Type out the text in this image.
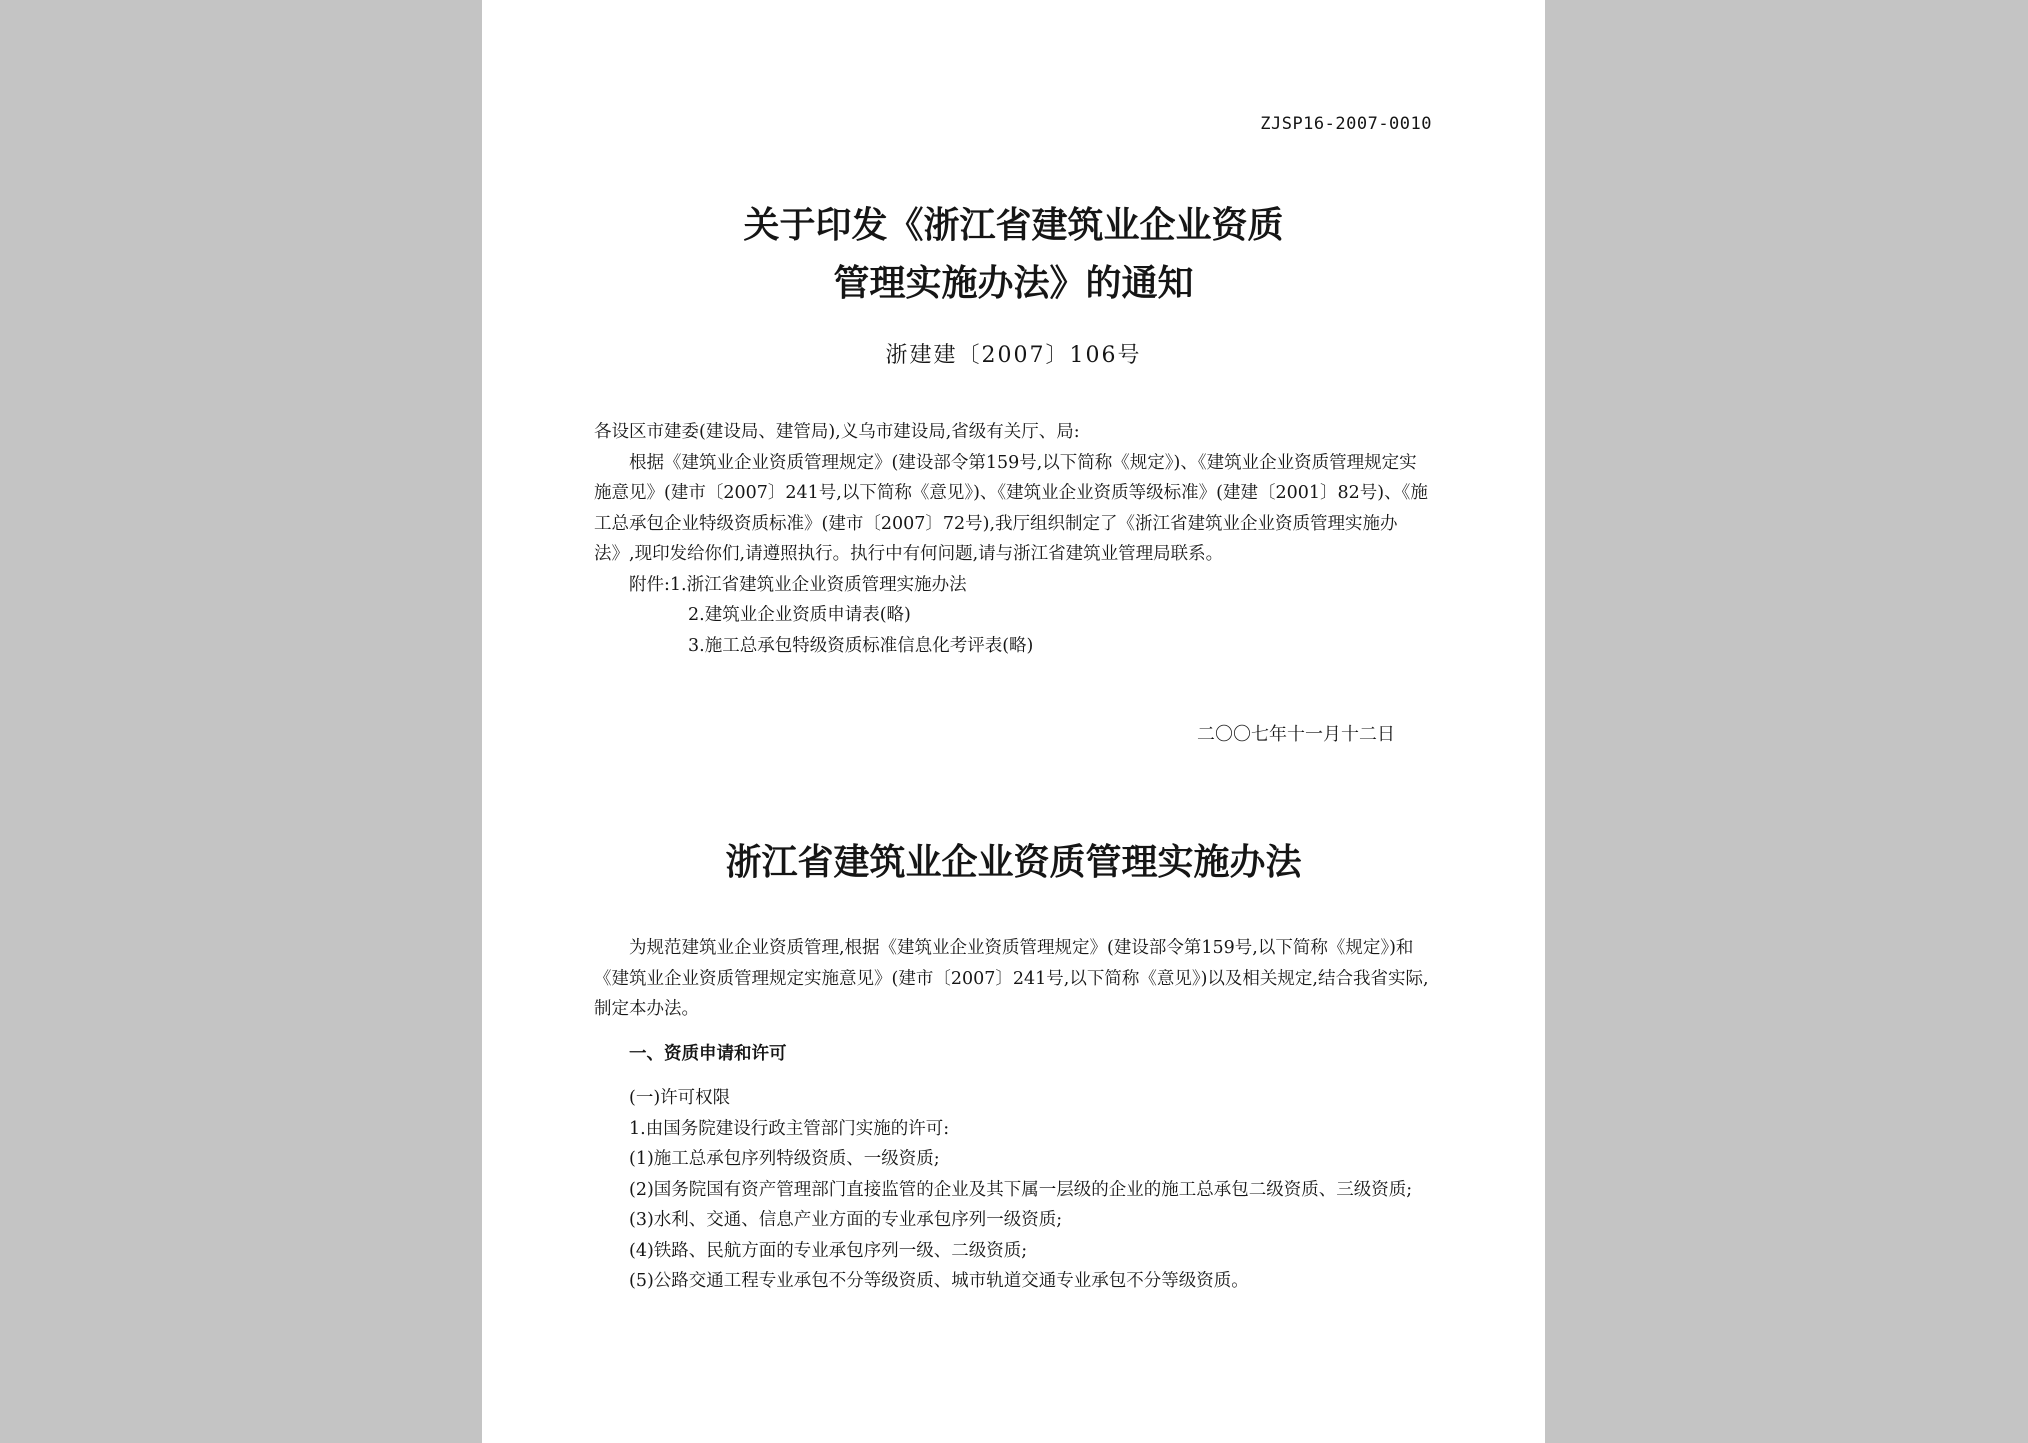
ZJSP16-2007-0010
关于印发《浙江省建筑业企业资质
管理实施办法》的通知
浙建建〔2007〕106号

各设区市建委(建设局、建管局),义乌市建设局,省级有关厅、局:

根据《建筑业企业资质管理规定》(建设部令第159号,以下简称《规定》)、《建筑业企业资质管理规定实施意见》(建市〔2007〕241号,以下简称《意见》)、《建筑业企业资质等级标准》(建建〔2001〕82号)、《施工总承包企业特级资质标准》(建市〔2007〕72号),我厅组织制定了《浙江省建筑业企业资质管理实施办法》,现印发给你们,请遵照执行。执行中有何问题,请与浙江省建筑业管理局联系。

附件:1.浙江省建筑业企业资质管理实施办法

2.建筑业企业资质申请表(略)

3.施工总承包特级资质标准信息化考评表(略)

二〇〇七年十一月十二日
浙江省建筑业企业资质管理实施办法

为规范建筑业企业资质管理,根据《建筑业企业资质管理规定》(建设部令第159号,以下简称《规定》)和《建筑业企业资质管理规定实施意见》(建市〔2007〕241号,以下简称《意见》)以及相关规定,结合我省实际,制定本办法。

一、资质申请和许可

(一)许可权限

1.由国务院建设行政主管部门实施的许可:

(1)施工总承包序列特级资质、一级资质;

(2)国务院国有资产管理部门直接监管的企业及其下属一层级的企业的施工总承包二级资质、三级资质;

(3)水利、交通、信息产业方面的专业承包序列一级资质;

(4)铁路、民航方面的专业承包序列一级、二级资质;

(5)公路交通工程专业承包不分等级资质、城市轨道交通专业承包不分等级资质。
